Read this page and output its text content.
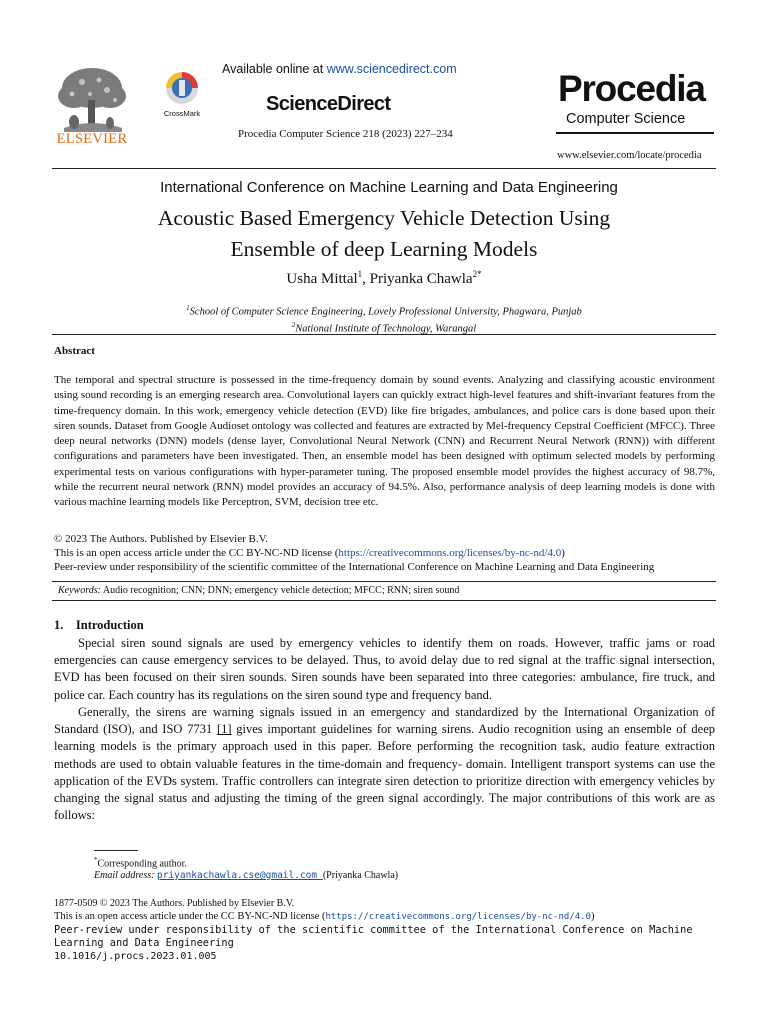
ELSEVIER
CrossMark
Available online at www.sciencedirect.com
ScienceDirect
Procedia Computer Science 218 (2023) 227–234
Procedia
Computer Science
www.elsevier.com/locate/procedia
International Conference on Machine Learning and Data Engineering
Acoustic Based Emergency Vehicle Detection Using
Ensemble of deep Learning Models
Usha Mittal$^1$, Priyanka Chawla$^{2*}$
$^1$School of Computer Science Engineering, Lovely Professional University, Phagwara, Punjab
$^2$National Institute of Technology, Warangal
Abstract

The temporal and spectral structure is possessed in the time-frequency domain by sound events. Analyzing and classifying acoustic environment using sound recording is an emerging research area. Convolutional layers can quickly extract high-level features and shift-invariant features from the time-frequency domain. In this work, emergency vehicle detection (EVD) like fire brigades, ambulances, and police cars is done based upon their siren sounds. Dataset from Google Audioset ontology was collected and features are extracted by Mel-frequency Cepstral Coefficient (MFCC). Three deep neural networks (DNN) models (dense layer, Convolutional Neural Network (CNN) and Recurrent Neural Network (RNN)) with different configurations and parameters have been investigated. Then, an ensemble model has been designed with optimum selected models by performing experimental tests on various configurations with hyper-parameter tuning. The proposed ensemble model provides the highest accuracy of 98.7%, while the recurrent neural network (RNN) model provides an accuracy of 94.5%. Also, performance analysis of deep learning models is done with various machine learning models like Perceptron, SVM, decision tree etc.

© 2023 The Authors. Published by Elsevier B.V.
This is an open access article under the CC BY-NC-ND license (https://creativecommons.org/licenses/by-nc-nd/4.0)
Peer-review under responsibility of the scientific committee of the International Conference on Machine Learning and Data Engineering
Keywords: Audio recognition; CNN; DNN; emergency vehicle detection; MFCC; RNN; siren sound
1.    Introduction

Special siren sound signals are used by emergency vehicles to identify them on roads. However, traffic jams or road emergencies can cause emergency services to be delayed. Thus, to avoid delay due to red signal at the traffic signal intersection, EVD has been focused on their siren sounds. Siren sounds have been separated into three categories: ambulance, fire truck, and police car. Each country has its regulations on the siren sound type and frequency band.

Generally, the sirens are warning signals issued in an emergency and standardized by the International Organization of Standard (ISO), and ISO 7731 [1] gives important guidelines for warning sirens. Audio recognition using an ensemble of deep learning models is the primary approach used in this paper. Before performing the recognition task, audio feature extraction methods are used to obtain valuable features in the time-domain and frequency- domain. Intelligent transport systems can use the application of the EVDs system. Traffic controllers can integrate siren detection to prioritize direction with emergency vehicles by changing the signal status and adjusting the timing of the green signal accordingly. The major contributions of this work are as follows:

*Corresponding author.
Email address: priyankachawla.cse@gmail.com (Priyanka Chawla)
1877-0509 © 2023 The Authors. Published by Elsevier B.V.
This is an open access article under the CC BY-NC-ND license (https://creativecommons.org/licenses/by-nc-nd/4.0)
Peer-review under responsibility of the scientific committee of the International Conference on Machine Learning and Data Engineering
10.1016/j.procs.2023.01.005
